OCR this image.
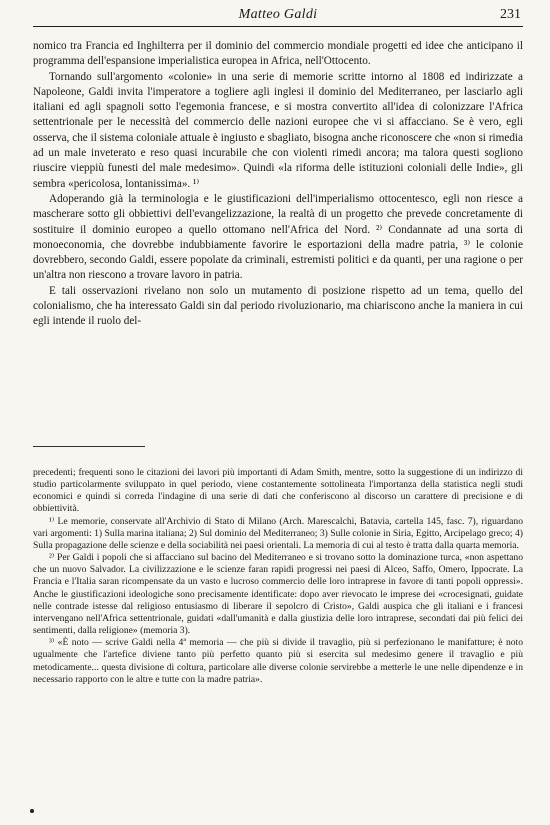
Matteo Galdi	231

nomico tra Francia ed Inghilterra per il dominio del commercio mondiale progetti ed idee che anticipano il programma dell'espansione imperialistica europea in Africa, nell'Ottocento.

Tornando sull'argomento «colonie» in una serie di memorie scritte intorno al 1808 ed indirizzate a Napoleone, Galdi invita l'imperatore a togliere agli inglesi il dominio del Mediterraneo, per lasciarlo agli italiani ed agli spagnoli sotto l'egemonia francese, e si mostra convertito all'idea di colonizzare l'Africa settentrionale per le necessità del commercio delle nazioni europee che vi si affacciano. Se è vero, egli osserva, che il sistema coloniale attuale è ingiusto e sbagliato, bisogna anche riconoscere che «non si rimedia ad un male inveterato e reso quasi incurabile che con violenti rimedi ancora; ma talora questi sogliono riuscire vieppiù funesti del male medesimo». Quindi «la riforma delle istituzioni coloniali delle Indie», gli sembra «pericolosa, lontanissima». ¹⁾

Adoperando già la terminologia e le giustificazioni dell'imperialismo ottocentesco, egli non riesce a mascherare sotto gli obbiettivi dell'evangelizzazione, la realtà di un progetto che prevede concretamente di sostituire il dominio europeo a quello ottomano nell'Africa del Nord. ²⁾ Condannate ad una sorta di monoeconomia, che dovrebbe indubbiamente favorire le esportazioni della madre patria, ³⁾ le colonie dovrebbero, secondo Galdi, essere popolate da criminali, estremisti politici e da quanti, per una ragione o per un'altra non riescono a trovare lavoro in patria.

E tali osservazioni rivelano non solo un mutamento di posizione rispetto ad un tema, quello del colonialismo, che ha interessato Galdi sin dal periodo rivoluzionario, ma chiariscono anche la maniera in cui egli intende il ruolo del-

precedenti; frequenti sono le citazioni dei lavori più importanti di Adam Smith, mentre, sotto la suggestione di un indirizzo di studio particolarmente sviluppato in quel periodo, viene costantemente sottolineata l'importanza della statistica negli studi economici e quindi si correda l'indagine di una serie di dati che conferiscono al discorso un carattere di precisione e di obbiettività.

¹⁾ Le memorie, conservate all'Archivio di Stato di Milano (Arch. Marescalchi, Batavia, cartella 145, fasc. 7), riguardano vari argomenti: 1) Sulla marina italiana; 2) Sul dominio del Mediterraneo; 3) Sulle colonie in Siria, Egitto, Arcipelago greco; 4) Sulla propagazione delle scienze e della sociabilità nei paesi orientali. La memoria di cui al testo è tratta dalla quarta memoria.

²⁾ Per Galdi i popoli che si affacciano sul bacino del Mediterraneo e si trovano sotto la dominazione turca, «non aspettano che un nuovo Salvador. La civilizzazione e le scienze faran rapidi progressi nei paesi di Alceo, Saffo, Omero, Ippocrate. La Francia e l'Italia saran ricompensate da un vasto e lucroso commercio delle loro intraprese in favore di tanti popoli oppressi». Anche le giustificazioni ideologiche sono precisamente identificate: dopo aver rievocato le imprese dei «crocesignati, guidate nelle contrade istesse dal religioso entusiasmo di liberare il sepolcro di Cristo», Galdi auspica che gli italiani e i francesi intervengano nell'Africa settentrionale, guidati «dall'umanità e dalla giustizia delle loro intraprese, secondati dai più felici dei sentimenti, dalla religione» (memoria 3).

³⁾ «È noto — scrive Galdi nella 4ª memoria — che più si divide il travaglio, più si perfezionano le manifatture; è noto ugualmente che l'artefice diviene tanto più perfetto quanto più si esercita sul medesimo genere il travaglio e più metodicamente... questa divisione di coltura, particolare alle diverse colonie servirebbe a metterle le une nelle dipendenze e in necessario rapporto con le altre e tutte con la madre patria».
